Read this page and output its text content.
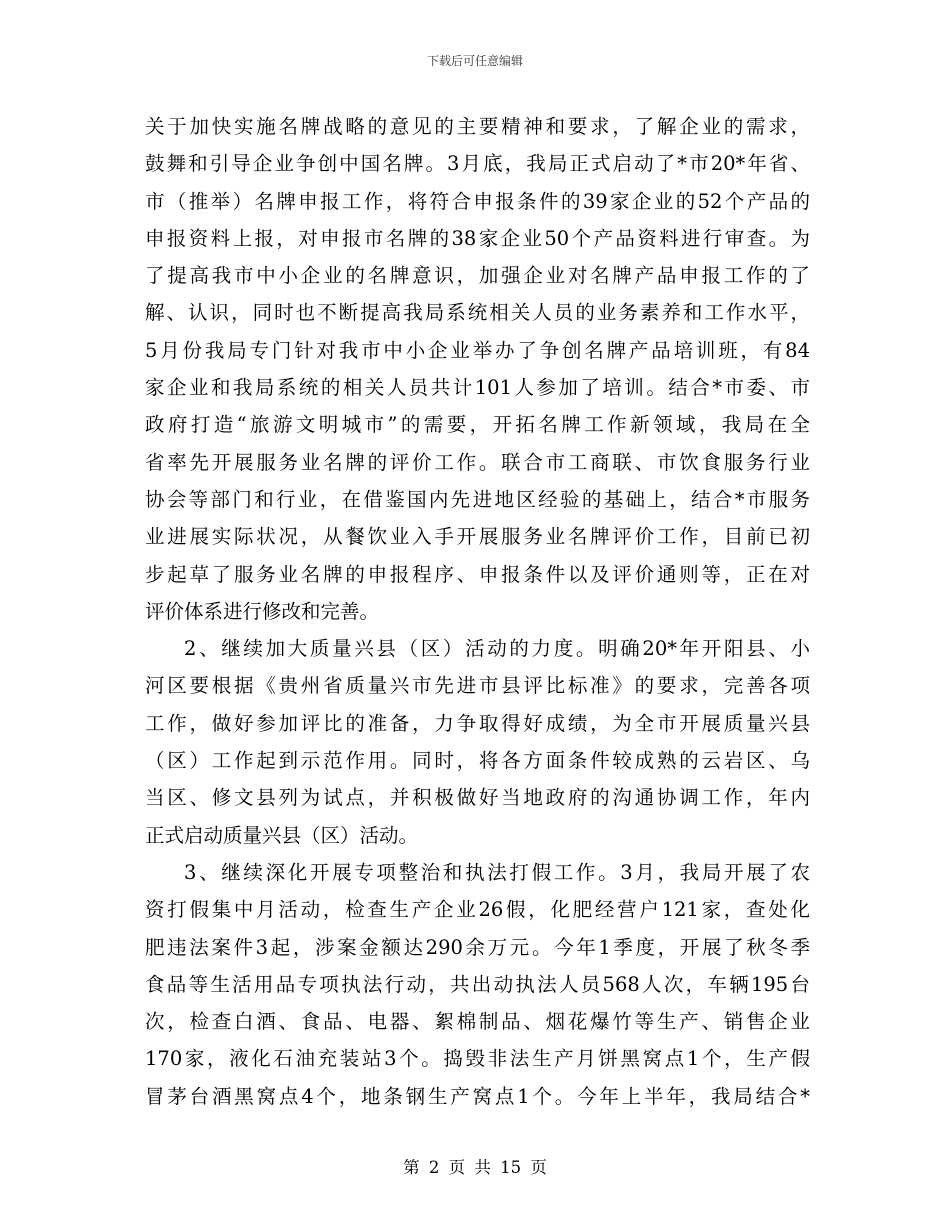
下载后可任意编辑
关于加快实施名牌战略的意见的主要精神和要求，了解企业的需求，
鼓舞和引导企业争创中国名牌。3月底，我局正式启动了*市20*年省、
市（推举）名牌申报工作，将符合申报条件的39家企业的52个产品的
申报资料上报，对申报市名牌的38家企业50个产品资料进行审查。为
了提高我市中小企业的名牌意识，加强企业对名牌产品申报工作的了
解、认识，同时也不断提高我局系统相关人员的业务素养和工作水平，
5月份我局专门针对我市中小企业举办了争创名牌产品培训班，有84
家企业和我局系统的相关人员共计101人参加了培训。结合*市委、市
政府打造“旅游文明城市”的需要，开拓名牌工作新领域，我局在全
省率先开展服务业名牌的评价工作。联合市工商联、市饮食服务行业
协会等部门和行业，在借鉴国内先进地区经验的基础上，结合*市服务
业进展实际状况，从餐饮业入手开展服务业名牌评价工作，目前已初
步起草了服务业名牌的申报程序、申报条件以及评价通则等，正在对
评价体系进行修改和完善。
2、继续加大质量兴县（区）活动的力度。明确20*年开阳县、小
河区要根据《贵州省质量兴市先进市县评比标准》的要求，完善各项
工作，做好参加评比的准备，力争取得好成绩，为全市开展质量兴县
（区）工作起到示范作用。同时，将各方面条件较成熟的云岩区、乌
当区、修文县列为试点，并积极做好当地政府的沟通协调工作，年内
正式启动质量兴县（区）活动。
3、继续深化开展专项整治和执法打假工作。3月，我局开展了农
资打假集中月活动，检查生产企业26假，化肥经营户121家，查处化
肥违法案件3起，涉案金额达290余万元。今年1季度，开展了秋冬季
食品等生活用品专项执法行动，共出动执法人员568人次，车辆195台
次，检查白酒、食品、电器、絮棉制品、烟花爆竹等生产、销售企业
170家，液化石油充装站3个。捣毁非法生产月饼黑窝点1个，生产假
冒茅台酒黑窝点4个，地条钢生产窝点1个。今年上半年，我局结合*
第 2 页 共 15 页
